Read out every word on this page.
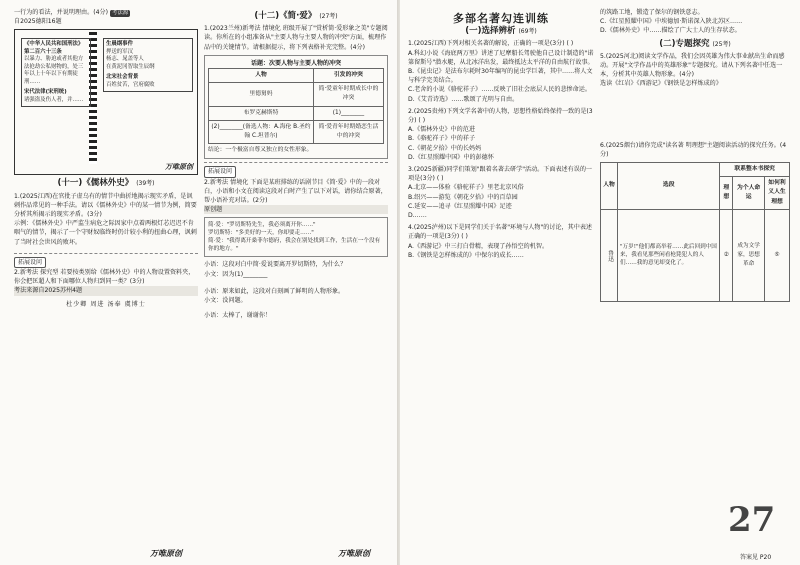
一行为的看法，并说明理由。(4分) 考法源
自2025德阳16题
《中华人民共和国刑法》第二百六十三条
以暴力、胁迫或者其他方法抢劫公私财物的，处三年以上十年以下有期徒刑……
宋代法律(宋刑统)
诸强盗及伤人者，并……
生晨纲事件
押送的军汉
杨志、晁盖等人
在黄泥冈智取生辰纲
北宋社会背景
百姓贫苦，官府腐败
万唯原创
(十一)《儒林外史》 (39考)
1.(2025江西)在官批子虚乌有的情节中曲折地揭示现实矛盾，是讽刺作品常见的一种手法。请以《儒林外史》中的某一情节为例，简要分析其所揭示的现实矛盾。(3分)
示例：《儒林外史》中严监生病危之际因家中点着两根灯芯迟迟不肯咽气的情节，揭示了一个守财奴临终时仍计较小利的扭曲心理，讽刺了当时社会世风的败坏。
拓展设问
2.新考法 探究型 若要按类别给《儒林外史》中的人物设置资料夹，你会把匡超人和下面哪位人物归到同一类？(3分)
考法来源自2025苏州4题
杜少卿 周进 汤奉 虞博士
万唯原创
(十二)《简·爱》 (27考)
1.(2023兰州)新考法 情境化 班级开展了"赏析简·爱形象之美"专题阅读。你所在的小组准备从"主要人物与主要人物的冲突"方面，梳理作品中的关键情节。请根据提示，将下列表格补充完整。(4分)
话题：次要人物与主要人物的冲突
人物	引发的冲突
里德舅妈	简·爱童年时期成长中的冲突
布罗克赫斯特	(1)________
(2)________(备选人物：A.海伦 B.圣约翰 C.坦普尔)	简·爱青年时期婚恋生活中的冲突
结论：一个极富自尊又独立的女性形象。
拓展设问
2.新考法 情境化 下面是某班排练的话剧节目《简·爱》中的一段对白，小语和小文在阅读这段对白时产生了以下对话，请你结合原著，帮小语补充对话。(2分)
原创题
简·爱："罗切斯特先生，我必须离开你……"
罗切斯特："多美好的一天，你却要走……"
简·爱："我得离开桑菲尔德府，我会在别处找到工作，生活在一个没有你的地方。"
小语：这段对白中简·爱说要离开罗切斯特，为什么？
小文：因为(1)________
小语：原来如此，这段对白刻画了鲜明的人物形象。
小文：没问题。
小语：太棒了，谢谢你！
万唯原创
多部名著勾连训练
(一)选择辨析 (69考)
1.(2025江西)下列对相关名著的解说，正确的一项是(3分) ( )
A.科幻小说《海底两万里》讲述了尼摩船长驾驶他自己设计制造的"诺第留斯号"潜水艇，从北冰洋出发，最终抵达太平洋的自由航行故事。
B.《昆虫记》是法布尔耗时30年编写的昆虫学巨著，其中……将人文与科学完美结合。
C.老舍的小说《骆驼祥子》……反映了旧社会底层人民的悲惨命运。
D.《艾青诗选》……歌颂了光明与自由。
2.(2025贵州)下列文学名著中的人物，思想性格始终保持一致的是(3分) ( )
A.《儒林外史》中的范进
B.《骆驼祥子》中的祥子
C.《朝花夕拾》中的长妈妈
D.《红星照耀中国》中的彭德怀
3.(2025新疆)同学们策划"跟着名著去研学"活动。下面表述有误的一项是(3分) ( )
A.北京——体验《骆驼祥子》里老北京风俗
B.绍兴——游览《朝花夕拾》中的百草园
C.延安——追寻《红星照耀中国》足迹
D.……
4.(2025泸州)以下是同学们关于名著"环境与人物"的讨论，其中表述正确的一项是(3分) ( )
A.《西游记》中三打白骨精，表现了孙悟空的机智。
B.《钢铁是怎样炼成的》中保尔的成长……
的筑路工地，锻造了保尔的钢铁意志。
C.《红星照耀中国》中埃德加·斯诺深入陕北苏区……
D.《儒林外史》中……描绘了广大士人的生存状态。
(二)专题探究 (25考)
5.(2025河北)阅读文学作品，我们会因英雄为伟大事业献出生命而感动。开展"文学作品中的英雄形象"专题探究。请从下列名著中任选一本，分析其中英雄人物形象。(4分)
选读《红岩》《西游记》《钢铁是怎样炼成的》
6.(2025烟台)请你完成"读名著 明理想"主题阅读活动的探究任务。(4分)
人物	选段	联系整本书探究		
		理想	为个人命运	如何利义人生理想
鲁迅	"万岁!"他们都高举着……此后回到中国来，我看见那些闲看枪毙犯人的人们……我的意见却变化了。	②	成为文学家，思想革命	⑤
27
答案见 P20
